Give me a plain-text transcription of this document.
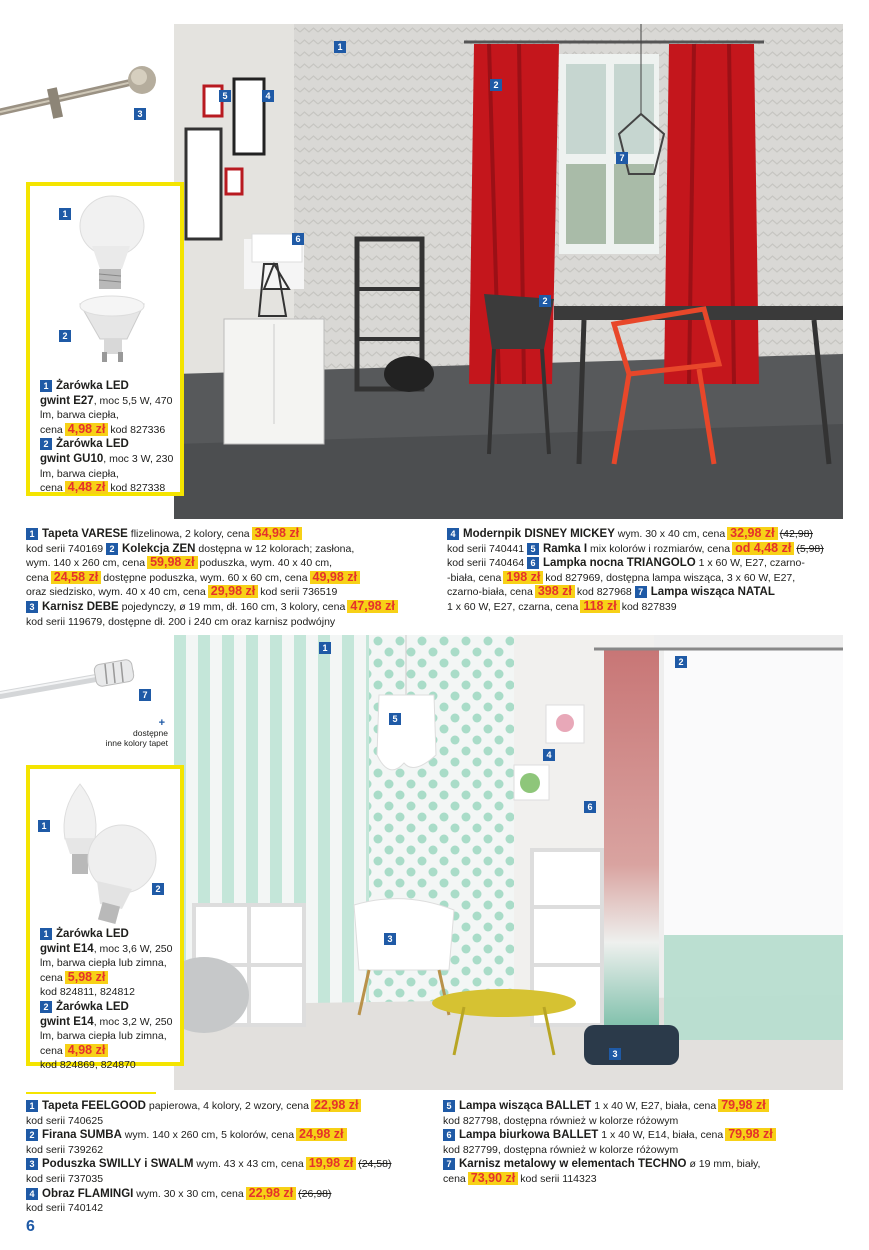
3
1
2
2
5	4
6
7
1
2
1 Żarówka LED
gwint E27, moc 5,5 W, 470 lm, barwa ciepła,
cena 4,98 zł kod 827336
2 Żarówka LED
gwint GU10, moc 3 W, 230 lm, barwa ciepła,
cena 4,48 zł kod 827338
1 Tapeta VARESE flizelinowa, 2 kolory, cena 34,98 zł
kod serii 740169 2 Kolekcja ZEN dostępna w 12 kolorach; zasłona,
wym. 140 x 260 cm, cena 59,98 zł poduszka, wym. 40 x 40 cm,
cena 24,58 zł dostępne poduszka, wym. 60 x 60 cm, cena 49,98 zł
oraz siedzisko, wym. 40 x 40 cm, cena 29,98 zł kod serii 736519
3 Karnisz DEBE pojedynczy, ø 19 mm, dł. 160 cm, 3 kolory, cena 47,98 zł
kod serii 119679, dostępne dł. 200 i 240 cm oraz karnisz podwójny
4 Modernpik DISNEY MICKEY wym. 30 x 40 cm, cena 32,98 zł (42,98)
kod serii 740441 5 Ramka I mix kolorów i rozmiarów, cena od 4,48 zł (5,98)
kod serii 740464 6 Lampka nocna TRIANGOLO 1 x 60 W, E27, czarno-
-biała, cena 198 zł kod 827969, dostępna lampa wisząca, 3 x 60 W, E27,
czarno-biała, cena 398 zł kod 827968 7 Lampa wisząca NATAL
1 x 60 W, E27, czarna, cena 118 zł kod 827839
7
+
dostępne
inne kolory tapet
1
2
3
3
4
5
6
1
2
1 Żarówka LED
gwint E14, moc 3,6 W, 250 lm, barwa ciepła lub zimna, cena 5,98 zł
kod 824811, 824812
2 Żarówka LED
gwint E14, moc 3,2 W, 250 lm, barwa ciepła lub zimna, cena 4,98 zł
kod 824869, 824870
1 Tapeta FEELGOOD papierowa, 4 kolory, 2 wzory, cena 22,98 zł
kod serii 740625
2 Firana SUMBA wym. 140 x 260 cm, 5 kolorów, cena 24,98 zł
kod serii 739262
3 Poduszka SWILLY i SWALM wym. 43 x 43 cm, cena 19,98 zł (24,58)
kod serii 737035
4 Obraz FLAMINGI wym. 30 x 30 cm, cena 22,98 zł (26,98)
kod serii 740142
5 Lampa wisząca BALLET 1 x 40 W, E27, biała, cena 79,98 zł
kod 827798, dostępna również w kolorze różowym
6 Lampa biurkowa BALLET 1 x 40 W, E14, biała, cena 79,98 zł
kod 827799, dostępna również w kolorze różowym
7 Karnisz metalowy w elementach TECHNO ø 19 mm, biały,
cena 73,90 zł kod serii 114323
6
